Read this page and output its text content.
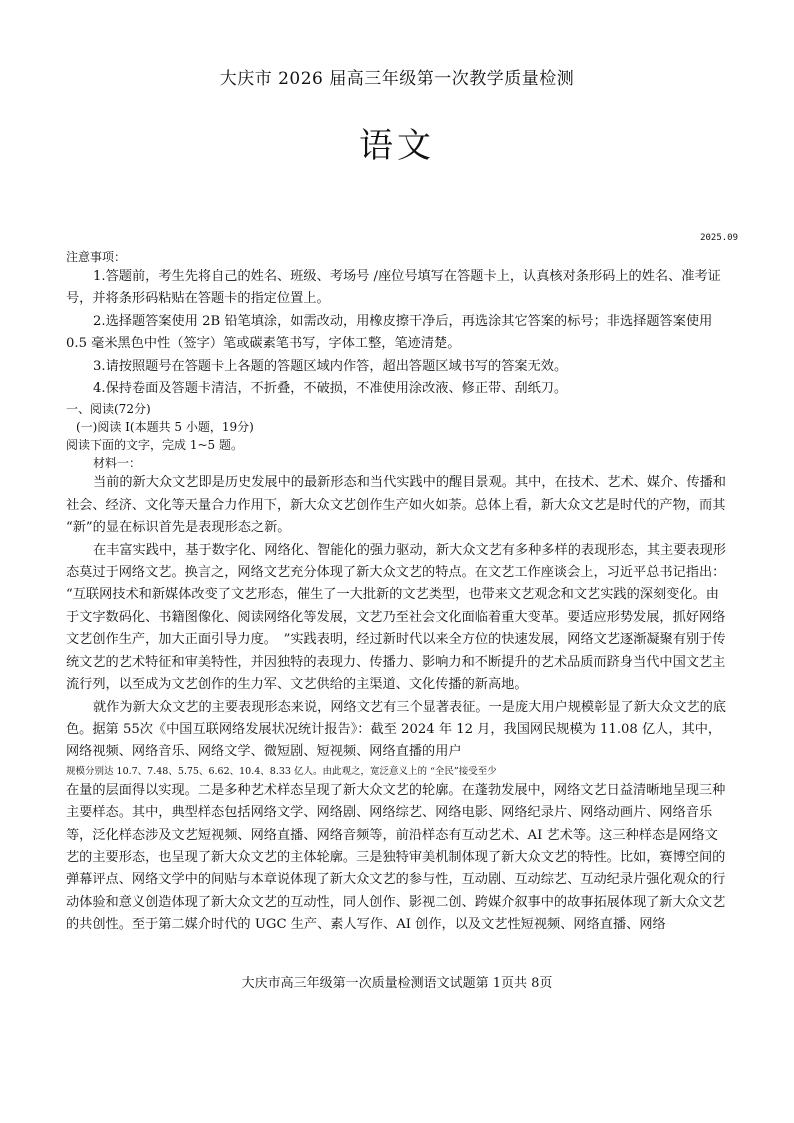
大庆市 2026 届高三年级第一次教学质量检测
语文
2025.09

注意事项：

1.答题前，考生先将自己的姓名、班级、考场号 /座位号填写在答题卡上，认真核对条形码上的姓名、准考证号，并将条形码粘贴在答题卡的指定位置上。

2.选择题答案使用 2B 铅笔填涂，如需改动，用橡皮擦干净后，再选涂其它答案的标号；非选择题答案使用 0.5 毫米黑色中性（签字）笔或碳素笔书写，字体工整，笔迹清楚。

3.请按照题号在答题卡上各题的答题区域内作答，超出答题区域书写的答案无效。

4.保持卷面及答题卡清洁，不折叠，不破损，不准使用涂改液、修正带、刮纸刀。

一、阅读(72分)

(一)阅读 I(本题共 5 小题，19分)

阅读下面的文字，完成 1~5 题。

材料一：

当前的新大众文艺即是历史发展中的最新形态和当代实践中的醒目景观。其中，在技术、艺术、媒介、传播和社会、经济、文化等天量合力作用下，新大众文艺创作生产如火如荼。总体上看，新大众文艺是时代的产物，而其 “新”的显在标识首先是表现形态之新。

在丰富实践中，基于数字化、网络化、智能化的强力驱动，新大众文艺有多种多样的表现形态，其主要表现形态莫过于网络文艺。换言之，网络文艺充分体现了新大众文艺的特点。在文艺工作座谈会上，习近平总书记指出： “互联网技术和新媒体改变了文艺形态，催生了一大批新的文艺类型，也带来文艺观念和文艺实践的深刻变化。由于文字数码化、书籍图像化、阅读网络化等发展，文艺乃至社会文化面临着重大变革。要适应形势发展，抓好网络文艺创作生产，加大正面引导力度。　”实践表明，经过新时代以来全方位的快速发展，网络文艺逐渐凝聚有别于传统文艺的艺术特征和审美特性，并因独特的表现力、传播力、影响力和不断提升的艺术品质而跻身当代中国文艺主流行列，以至成为文艺创作的生力军、文艺供给的主渠道、文化传播的新高地。

就作为新大众文艺的主要表现形态来说，网络文艺有三个显著表征。一是庞大用户规模彰显了新大众文艺的底色。据第 55次《中国互联网络发展状况统计报告》：截至 2024 年 12 月，我国网民规模为 11.08 亿人，其中，网络视频、网络音乐、网络文学、微短剧、短视频、网络直播的用户

规模分别达 10.7、7.48、5.75、6.62、10.4、8.33 亿人。由此观之，宽泛意义上的 “全民”接受至少

在量的层面得以实现。二是多种艺术样态呈现了新大众文艺的轮廓。在蓬勃发展中，网络文艺日益清晰地呈现三种主要样态。其中，典型样态包括网络文学、网络剧、网络综艺、网络电影、网络纪录片、网络动画片、网络音乐等，泛化样态涉及文艺短视频、网络直播、网络音频等，前沿样态有互动艺术、AI 艺术等。这三种样态是网络文艺的主要形态，也呈现了新大众文艺的主体轮廓。三是独特审美机制体现了新大众文艺的特性。比如，赛博空间的弹幕评点、网络文学中的间贴与本章说体现了新大众文艺的参与性，互动剧、互动综艺、互动纪录片强化观众的行动体验和意义创造体现了新大众文艺的互动性，同人创作、影视二创、跨媒介叙事中的故事拓展体现了新大众文艺的共创性。至于第二媒介时代的 UGC 生产、素人写作、AI 创作，以及文艺性短视频、网络直播、网络

大庆市高三年级第一次质量检测语文试题第 1页共 8页
